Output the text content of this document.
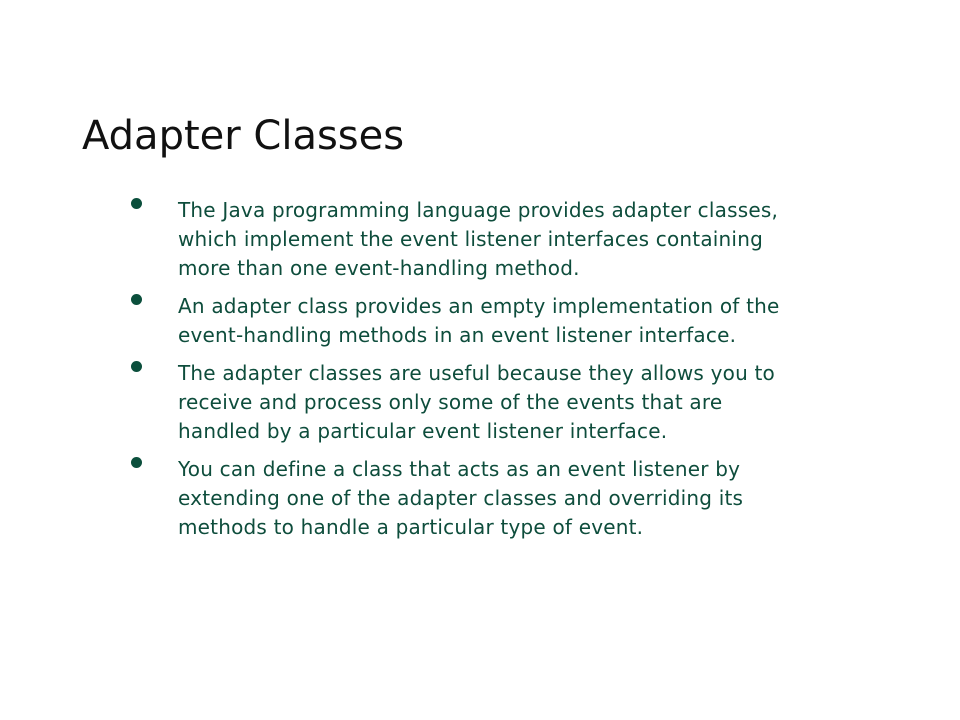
Adapter Classes
The Java programming language provides adapter classes,
which implement the event listener interfaces containing
more than one event-handling method.
An adapter class provides an empty implementation of the
event-handling methods in an event listener interface.
The adapter classes are useful because they allows you to
receive and process only some of the events that are
handled by a particular event listener interface.
You can define a class that acts as an event listener by
extending one of the adapter classes and overriding its
methods to handle a particular type of event.
